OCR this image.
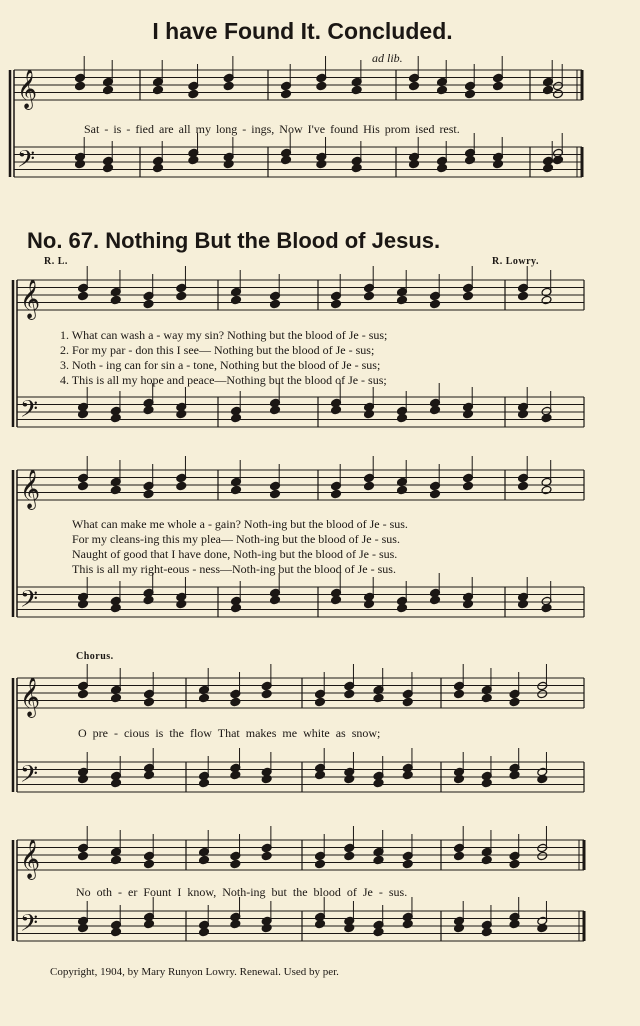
𝄞
𝄢
𝄞
𝄢
𝄞
𝄢
𝄞
𝄢
𝄞
𝄢
I have Found It. Concluded.
ad lib.
Sat - is - fied are all my long - ings, Now I've found His prom ised rest.
No. 67. Nothing But the Blood of Jesus.
R. L.	R. Lowry.
1. What can wash a - way my sin? Nothing but the blood of Je - sus;
2. For my par - don this I see— Nothing but the blood of Je - sus;
3. Noth - ing can for sin a - tone, Nothing but the blood of Je - sus;
4. This is all my hope and peace—Nothing but the blood of Je - sus;
What can make me whole a - gain? Noth-ing but the blood of Je - sus.
For my cleans-ing this my plea— Noth-ing but the blood of Je - sus.
Naught of good that I have done, Noth-ing but the blood of Je - sus.
This is all my right-eous - ness—Noth-ing but the blood of Je - sus.
Chorus.
O pre - cious is the flow That makes me white as snow;
No oth - er Fount I know, Noth-ing but the blood of Je - sus.
Copyright, 1904, by Mary Runyon Lowry. Renewal. Used by per.
